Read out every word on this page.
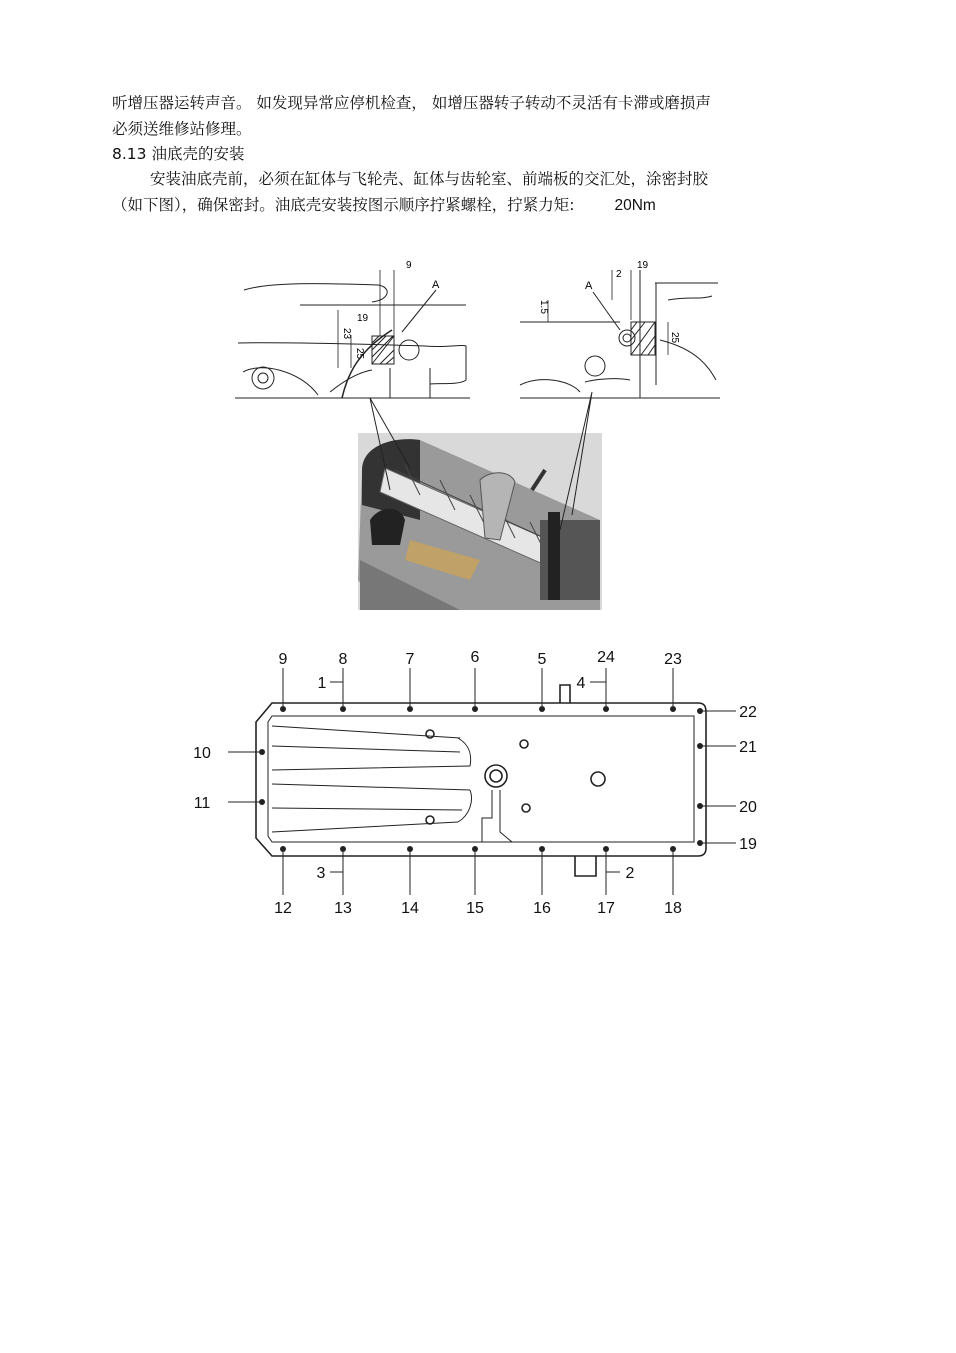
听增压器运转声音。 如发现异常应停机检查， 如增压器转子转动不灵活有卡滞或磨损声
必须送维修站修理。
8.13 油底壳的安装
安装油底壳前，必须在缸体与飞轮壳、缸体与齿轮室、前端板的交汇处，涂密封胶
（如下图），确保密封。油底壳安装按图示顺序拧紧螺栓，拧紧力矩:	20Nm
9
19
23
25
A
2
19
1.5
25
A
9	8	7	6	5	24	23
22
21
20
19
10
11
12	13	14	15	16	17	18
1	4
3	2
